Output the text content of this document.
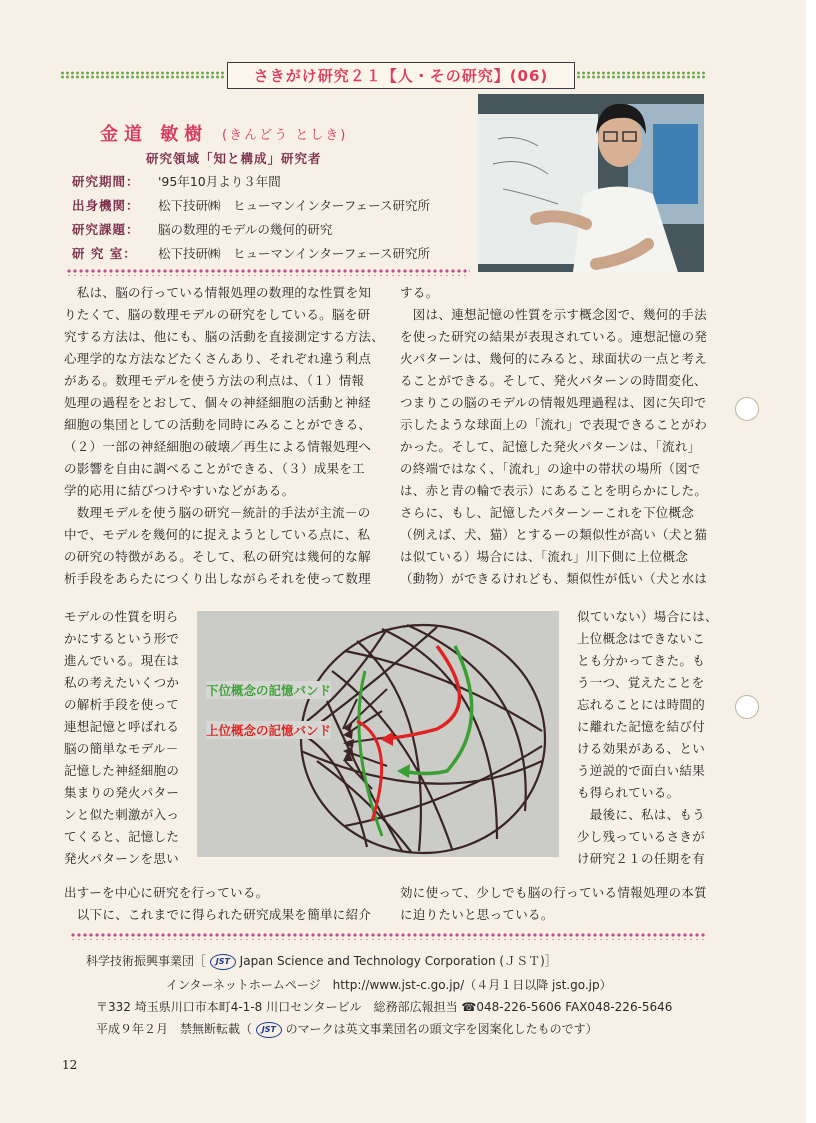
さきがけ研究２１【人・その研究】(06)
金道 敏樹 (きんどう としき)
研究領域「知と構成」研究者
研究期間： '95年10月より３年間
出身機関： 松下技研㈱　ヒューマンインターフェース研究所
研究課題： 脳の数理的モデルの幾何的研究
研 究 室： 松下技研㈱　ヒューマンインターフェース研究所

　私は、脳の行っている情報処理の数理的な性質を知

りたくて、脳の数理モデルの研究をしている。脳を研

究する方法は、他にも、脳の活動を直接測定する方法、

心理学的な方法などたくさんあり、それぞれ違う利点

がある。数理モデルを使う方法の利点は、（１）情報

処理の過程をとおして、個々の神経細胞の活動と神経

細胞の集団としての活動を同時にみることができる、

（２）一部の神経細胞の破壊／再生による情報処理へ

の影響を自由に調べることができる、（３）成果を工

学的応用に結びつけやすいなどがある。

　数理モデルを使う脳の研究－統計的手法が主流－の

中で、モデルを幾何的に捉えようとしている点に、私

の研究の特徴がある。そして、私の研究は幾何的な解

析手段をあらたにつくり出しながらそれを使って数理

モデルの性質を明ら

かにするという形で

進んでいる。現在は

私の考えたいくつか

の解析手段を使って

連想記憶と呼ばれる

脳の簡単なモデル－

記憶した神経細胞の

集まりの発火パター

ンと似た刺激が入っ

てくると、記憶した

発火パターンを思い

出すーを中心に研究を行っている。

　以下に、これまでに得られた研究成果を簡単に紹介

する。

　図は、連想記憶の性質を示す概念図で、幾何的手法

を使った研究の結果が表現されている。連想記憶の発

火パターンは、幾何的にみると、球面状の一点と考え

ることができる。そして、発火パターンの時間変化、

つまりこの脳のモデルの情報処理過程は、図に矢印で

示したような球面上の「流れ」で表現できることがわ

かった。そして、記憶した発火パターンは、「流れ」

の終端ではなく、「流れ」の途中の帯状の場所（図で

は、赤と青の輪で表示）にあることを明らかにした。

さらに、もし、記憶したパターンーこれを下位概念

（例えば、犬、猫）とするーの類似性が高い（犬と猫

は似ている）場合には、「流れ」川下側に上位概念

（動物）ができるけれども、類似性が低い（犬と水は

似ていない）場合には、

上位概念はできないこ

とも分かってきた。も

う一つ、覚えたことを

忘れることには時間的

に離れた記憶を結び付

ける効果がある、とい

う逆説的で面白い結果

も得られている。

　最後に、私は、もう

少し残っているさきが

け研究２１の任期を有

効に使って、少しでも脳の行っている情報処理の本質

に迫りたいと思っている。

下位概念の記憶バンド
上位概念の記憶バンド
科学技術振興事業団［ JST Japan Science and Technology Corporation (ＪＳＴ)］
インターネットホームページ　http://www.jst-c.go.jp/（４月１日以降 jst.go.jp）
〒332 埼玉県川口市本町4-1-8 川口センタービル　総務部広報担当 ☎048-226-5606 FAX048-226-5646
平成９年２月　禁無断転載（ JST のマークは英文事業団名の頭文字を図案化したものです）
12
